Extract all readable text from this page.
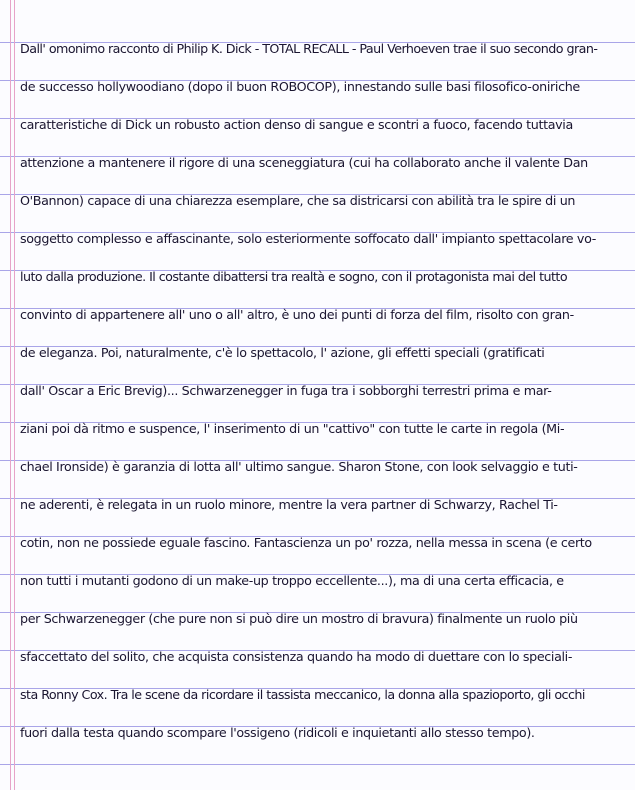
Dall' omonimo racconto di Philip K. Dick - TOTAL RECALL - Paul Verhoeven trae il suo secondo gran-
de successo hollywoodiano (dopo il buon ROBOCOP), innestando sulle basi filosofico-oniriche
caratteristiche di Dick un robusto action denso di sangue e scontri a fuoco, facendo tuttavia
attenzione a mantenere il rigore di una sceneggiatura (cui ha collaborato anche il valente Dan
O'Bannon) capace di una chiarezza esemplare, che sa districarsi con abilità tra le spire di un
soggetto complesso e affascinante, solo esteriormente soffocato dall' impianto spettacolare vo-
luto dalla produzione. Il costante dibattersi tra realtà e sogno, con il protagonista mai del tutto
convinto di appartenere all' uno o all' altro, è uno dei punti di forza del film, risolto con gran-
de eleganza. Poi, naturalmente, c'è lo spettacolo, l' azione, gli effetti speciali (gratificati
dall' Oscar a Eric Brevig)... Schwarzenegger in fuga tra i sobborghi terrestri prima e mar-
ziani poi dà ritmo e suspence, l' inserimento di un "cattivo" con tutte le carte in regola (Mi-
chael Ironside) è garanzia di lotta all' ultimo sangue. Sharon Stone, con look selvaggio e tuti-
ne aderenti, è relegata in un ruolo minore, mentre la vera partner di Schwarzy, Rachel Ti-
cotin, non ne possiede eguale fascino. Fantascienza un po' rozza, nella messa in scena (e certo
non tutti i mutanti godono di un make-up troppo eccellente...), ma di una certa efficacia, e
per Schwarzenegger (che pure non si può dire un mostro di bravura) finalmente un ruolo più
sfaccettato del solito, che acquista consistenza quando ha modo di duettare con lo speciali-
sta Ronny Cox. Tra le scene da ricordare il tassista meccanico, la donna alla spazioporto, gli occhi
fuori dalla testa quando scompare l'ossigeno (ridicoli e inquietanti allo stesso tempo).
